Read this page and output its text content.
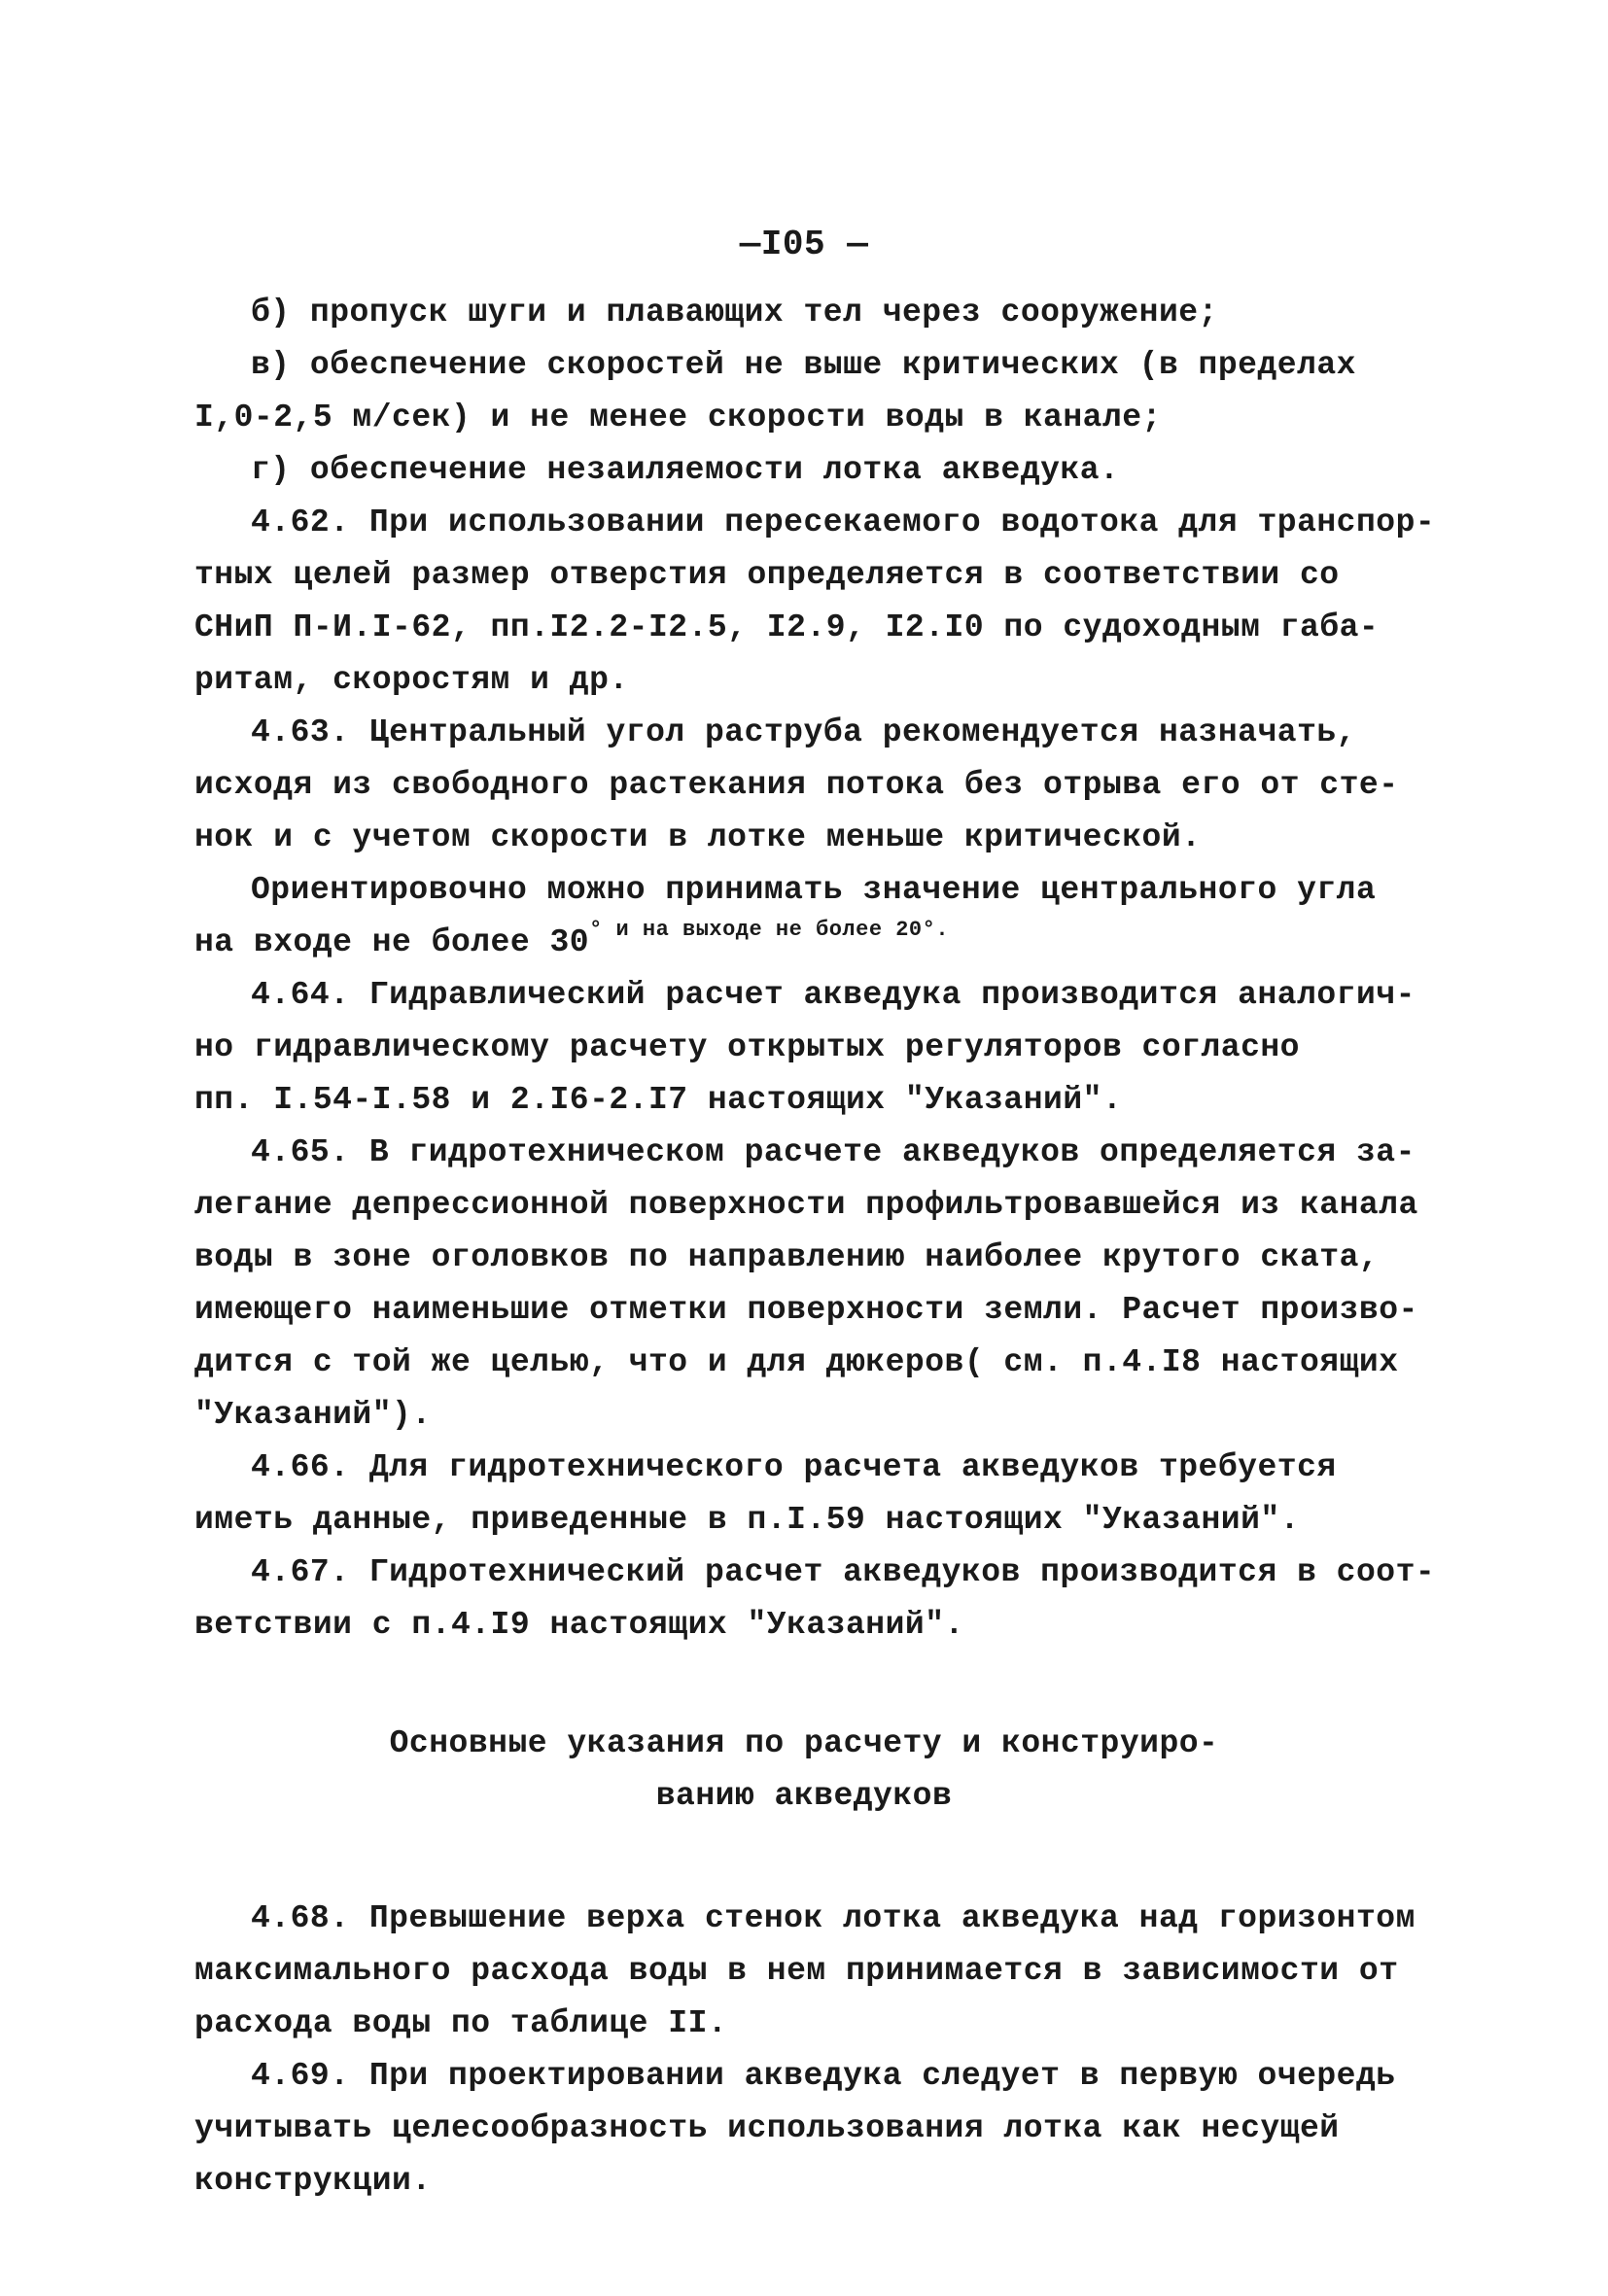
—I05 —
б) пропуск шуги и плавающих тел через сооружение;
в) обеспечение скоростей не выше критических (в пределах
I,0-2,5 м/сек) и не менее скорости воды в канале;
г) обеспечение незаиляемости лотка акведука.
4.62. При использовании пересекаемого водотока для транспор-
тных целей размер отверстия определяется в соответствии со
СНиП П-И.I-62, пп.I2.2-I2.5, I2.9, I2.I0 по судоходным габа-
ритам, скоростям и др.
4.63. Центральный угол раструба рекомендуется назначать,
исходя из свободного растекания потока без отрыва его от сте-
нок и с учетом скорости в лотке меньше критической.
Ориентировочно можно принимать значение центрального угла
на входе не более $30^{^\circ и на выходе не более 20^\circ.}$
4.64. Гидравлический расчет акведука производится аналогич-
но гидравлическому расчету открытых регуляторов согласно
пп. I.54-I.58 и 2.I6-2.I7 настоящих "Указаний".
4.65. В гидротехническом расчете акведуков определяется за-
легание депрессионной поверхности профильтровавшейся из канала
воды в зоне оголовков по направлению наиболее крутого ската,
имеющего наименьшие отметки поверхности земли. Расчет произво-
дится с той же целью, что и для дюкеров( см. п.4.I8 настоящих
"Указаний").
4.66. Для гидротехнического расчета акведуков требуется
иметь данные, приведенные в п.I.59 настоящих "Указаний".
4.67. Гидротехнический расчет акведуков производится в соот-
ветствии с п.4.I9 настоящих "Указаний".
Основные указания по расчету и конструиро-
ванию акведуков
4.68. Превышение верха стенок лотка акведука над горизонтом
максимального расхода воды в нем принимается в зависимости от
расхода воды по таблице II.
4.69. При проектировании акведука следует в первую очередь
учитывать целесообразность использования лотка как несущей
конструкции.
